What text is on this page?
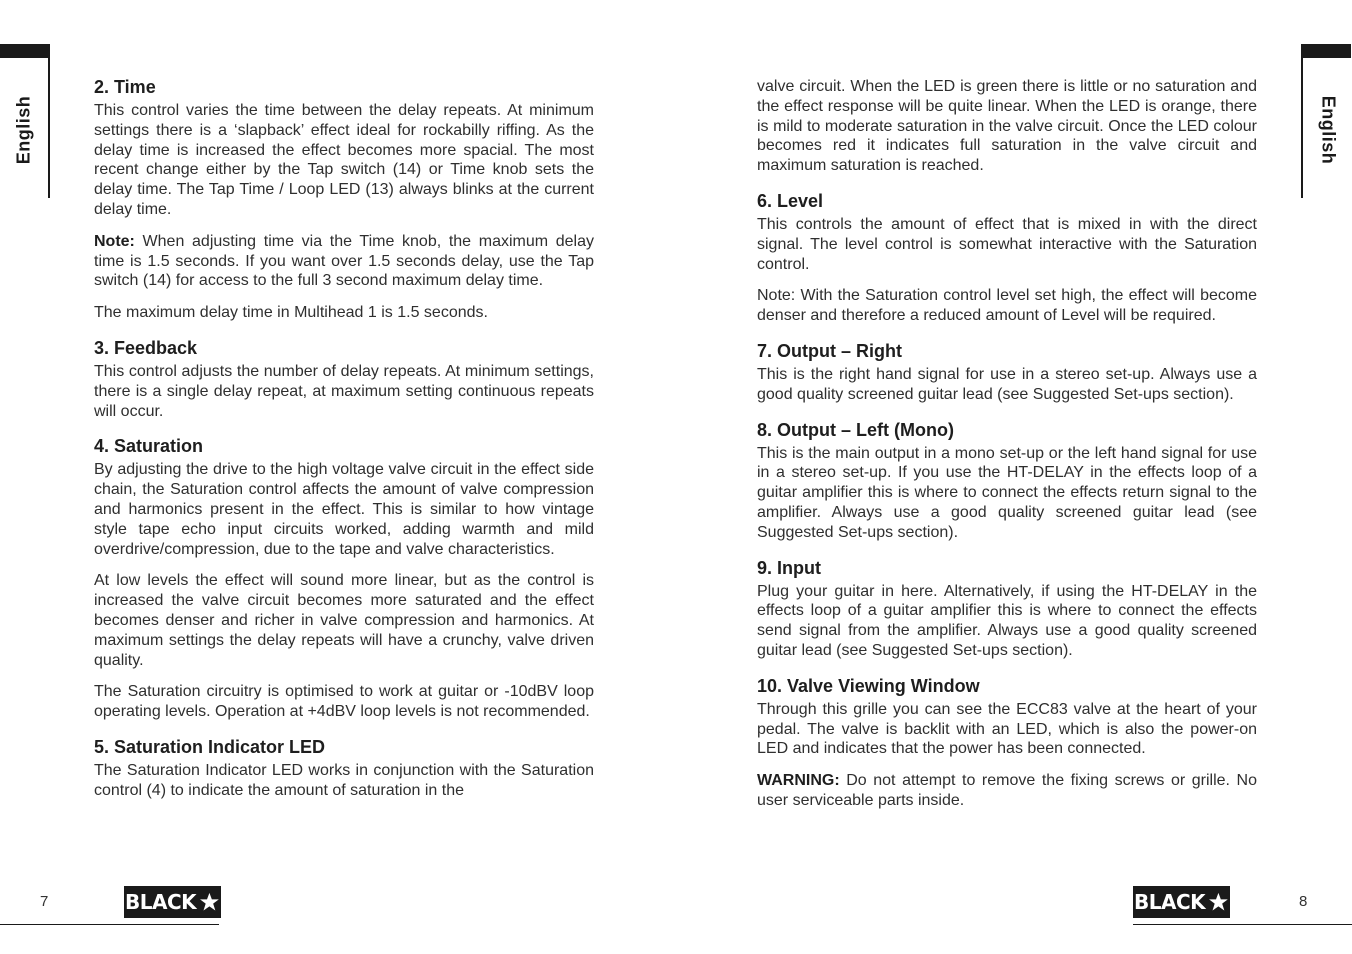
English	English
2. Time

This control varies the time between the delay repeats. At minimum settings there is a ‘slapback’ effect ideal for rockabilly riffing. As the delay time is increased the effect becomes more spacial. The most recent change either by the Tap switch (14) or Time knob sets the delay time. The Tap Time / Loop LED (13) always blinks at the current delay time.

Note: When adjusting time via the Time knob, the maximum delay time is 1.5 seconds. If you want over 1.5 seconds delay, use the Tap switch (14) for access to the full 3 second maximum delay time.

The maximum delay time in Multihead 1 is 1.5 seconds.

3. Feedback

This control adjusts the number of delay repeats. At minimum settings, there is a single delay repeat, at maximum setting continuous repeats will occur.

4. Saturation

By adjusting the drive to the high voltage valve circuit in the effect side chain, the Saturation control affects the amount of valve compression and harmonics present in the effect. This is similar to how vintage style tape echo input circuits worked, adding warmth and mild overdrive/compression, due to the tape and valve characteristics.

At low levels the effect will sound more linear, but as the control is increased the valve circuit becomes more saturated and the effect becomes denser and richer in valve compression and harmonics. At maximum settings the delay repeats will have a crunchy, valve driven quality.

The Saturation circuitry is optimised to work at guitar or -10dBV loop operating levels. Operation at +4dBV loop levels is not recommended.

5. Saturation Indicator LED

The Saturation Indicator LED works in conjunction with the Saturation control (4) to indicate the amount of saturation in the

valve circuit. When the LED is green there is little or no saturation and the effect response will be quite linear. When the LED is orange, there is mild to moderate saturation in the valve circuit. Once the LED colour becomes red it indicates full saturation in the valve circuit and maximum saturation is reached.

6. Level

This controls the amount of effect that is mixed in with the direct signal. The level control is somewhat interactive with the Saturation control.

Note: With the Saturation control level set high, the effect will become denser and therefore a reduced amount of Level will be required.

7. Output – Right

This is the right hand signal for use in a stereo set-up. Always use a good quality screened guitar lead (see Suggested Set-ups section).

8. Output – Left (Mono)

This is the main output in a mono set-up or the left hand signal for use in a stereo set-up. If you use the HT-DELAY in the effects loop of a guitar amplifier this is where to connect the effects return signal to the amplifier. Always use a good quality screened guitar lead (see Suggested Set-ups section).

9. Input

Plug your guitar in here. Alternatively, if using the HT-DELAY in the effects loop of a guitar amplifier this is where to connect the effects send signal from the amplifier. Always use a good quality screened guitar lead (see Suggested Set-ups section).

10. Valve Viewing Window

Through this grille you can see the ECC83 valve at the heart of your pedal. The valve is backlit with an LED, which is also the power-on LED and indicates that the power has been connected.

WARNING: Do not attempt to remove the fixing screws or grille. No user serviceable parts inside.

7	BLACK	BLACK	8
